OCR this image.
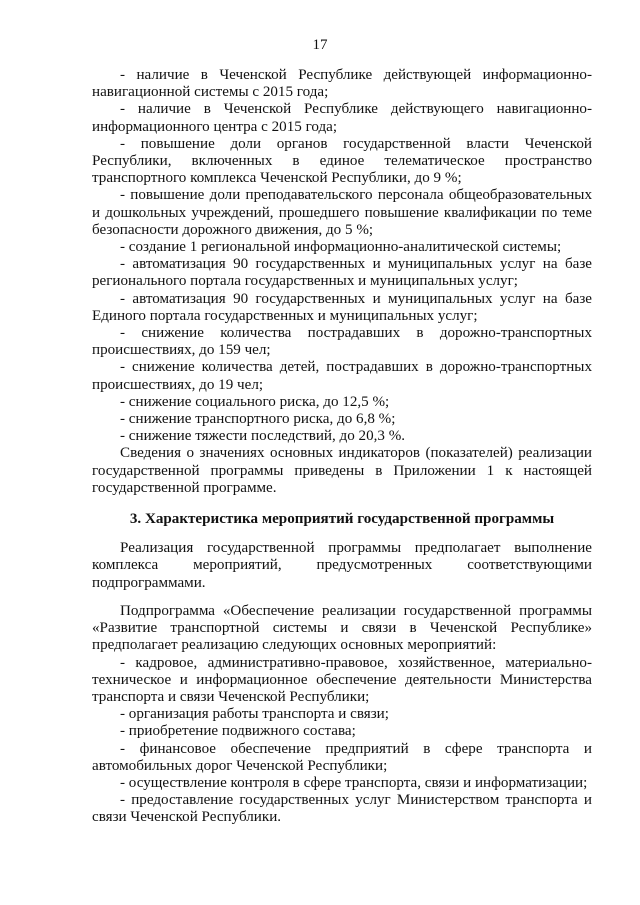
17

- наличие в Чеченской Республике действующей информационно-навигационной системы с 2015 года;

- наличие в Чеченской Республике действующего навигационно-информационного центра с 2015 года;

- повышение доли органов государственной власти Чеченской Республики, включенных в единое телематическое пространство транспортного комплекса Чеченской Республики, до 9 %;

- повышение доли преподавательского персонала общеобразовательных и дошкольных учреждений, прошедшего повышение квалификации по теме безопасности дорожного движения, до 5 %;

- создание 1 региональной информационно-аналитической системы;

- автоматизация 90 государственных и муниципальных услуг на базе регионального портала государственных и муниципальных услуг;

- автоматизация 90 государственных и муниципальных услуг на базе Единого портала государственных и муниципальных услуг;

- снижение количества пострадавших в дорожно-транспортных происшествиях, до 159 чел;

- снижение количества детей, пострадавших в дорожно-транспортных происшествиях, до 19 чел;

- снижение социального риска, до 12,5 %;

- снижение транспортного риска, до 6,8 %;

- снижение тяжести последствий, до 20,3 %.

Сведения о значениях основных индикаторов (показателей) реализации государственной программы приведены в Приложении 1 к настоящей государственной программе.

3. Характеристика мероприятий государственной программы

Реализация государственной программы предполагает выполнение комплекса мероприятий, предусмотренных соответствующими подпрограммами.

Подпрограмма «Обеспечение реализации государственной программы «Развитие транспортной системы и связи в Чеченской Республике» предполагает реализацию следующих основных мероприятий:

- кадровое, административно-правовое, хозяйственное, материально-техническое и информационное обеспечение деятельности Министерства транспорта и связи Чеченской Республики;

- организация работы транспорта и связи;

- приобретение подвижного состава;

- финансовое обеспечение предприятий в сфере транспорта и автомобильных дорог Чеченской Республики;

- осуществление контроля в сфере транспорта, связи и информатизации;

- предоставление государственных услуг Министерством транспорта и связи Чеченской Республики.
